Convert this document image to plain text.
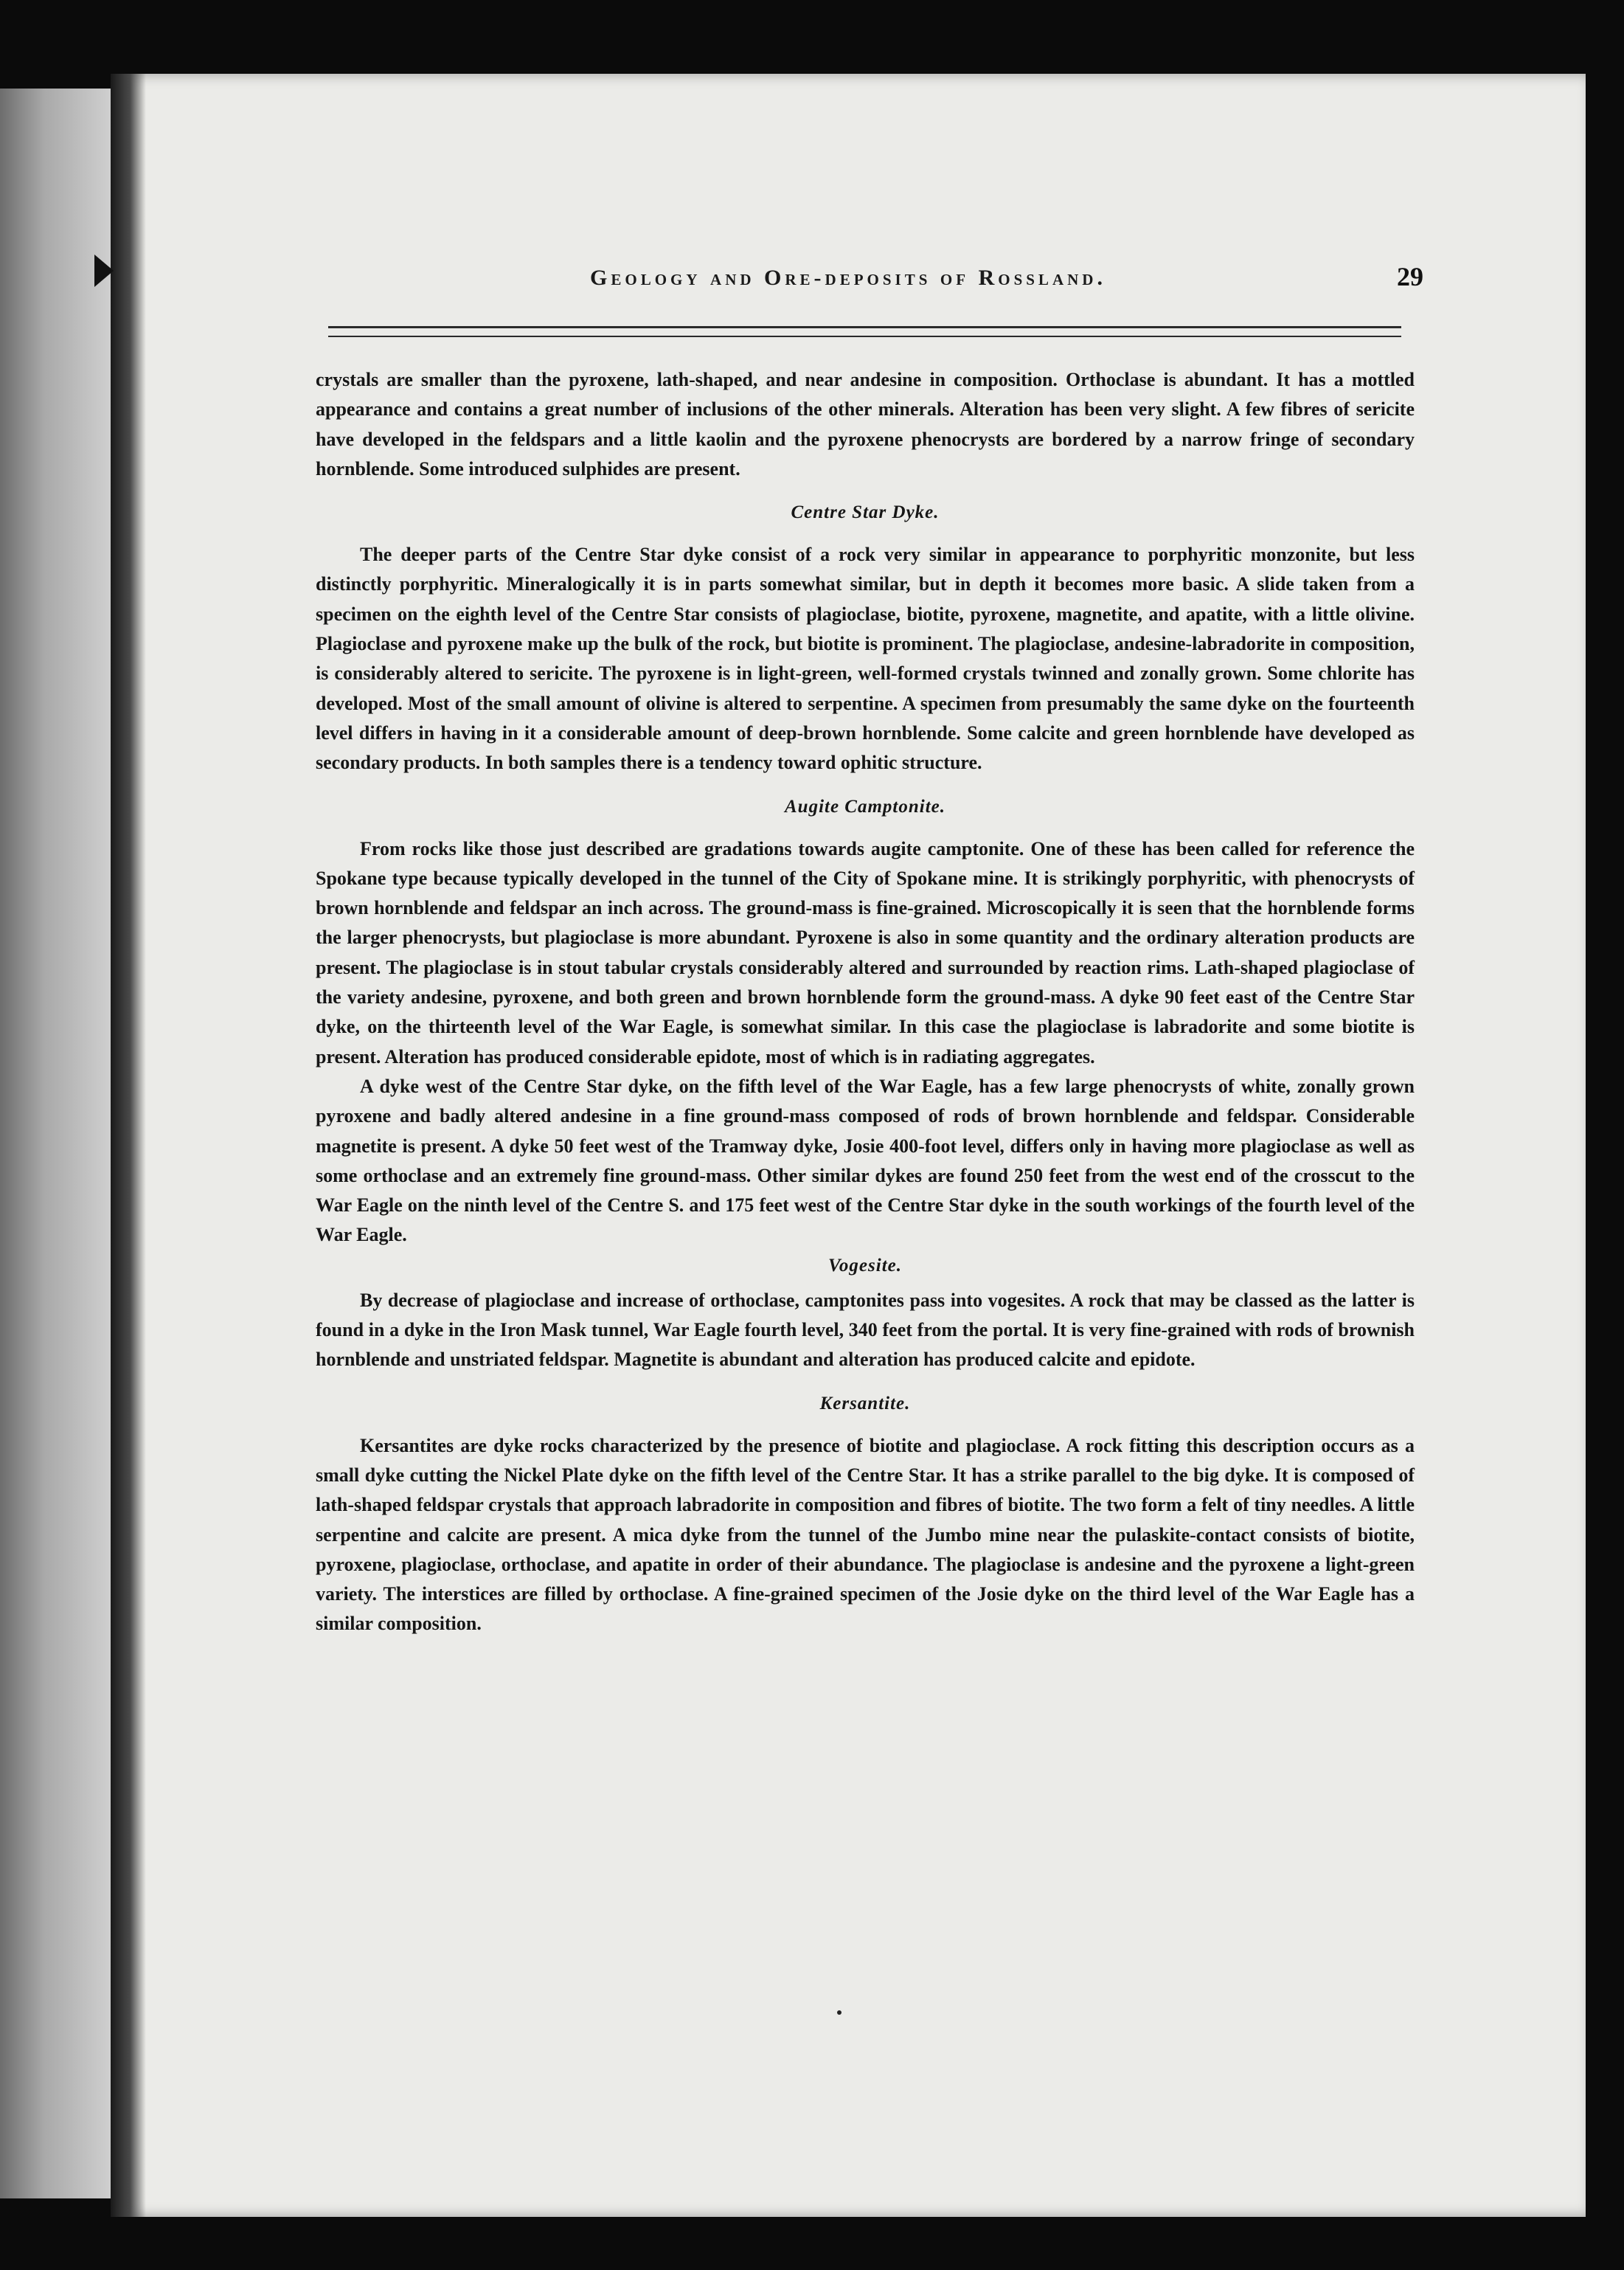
Geology and Ore-deposits of Rossland.	29

crystals are smaller than the pyroxene, lath-shaped, and near andesine in composition. Orthoclase is abundant. It has a mottled appearance and contains a great number of inclusions of the other minerals. Alteration has been very slight. A few fibres of sericite have developed in the feldspars and a little kaolin and the pyroxene phenocrysts are bordered by a narrow fringe of secondary hornblende. Some introduced sulphides are present.

Centre Star Dyke.

The deeper parts of the Centre Star dyke consist of a rock very similar in appearance to porphyritic monzonite, but less distinctly porphyritic. Mineralogically it is in parts somewhat similar, but in depth it becomes more basic. A slide taken from a specimen on the eighth level of the Centre Star consists of plagioclase, biotite, pyroxene, magnetite, and apatite, with a little olivine. Plagioclase and pyroxene make up the bulk of the rock, but biotite is prominent. The plagioclase, andesine-labradorite in composition, is considerably altered to sericite. The pyroxene is in light-green, well-formed crystals twinned and zonally grown. Some chlorite has developed. Most of the small amount of olivine is altered to serpentine. A specimen from presumably the same dyke on the fourteenth level differs in having in it a considerable amount of deep-brown hornblende. Some calcite and green hornblende have developed as secondary products. In both samples there is a tendency toward ophitic structure.

Augite Camptonite.

From rocks like those just described are gradations towards augite camptonite. One of these has been called for reference the Spokane type because typically developed in the tunnel of the City of Spokane mine. It is strikingly porphyritic, with phenocrysts of brown hornblende and feldspar an inch across. The ground-mass is fine-grained. Microscopically it is seen that the hornblende forms the larger phenocrysts, but plagioclase is more abundant. Pyroxene is also in some quantity and the ordinary alteration products are present. The plagioclase is in stout tabular crystals considerably altered and surrounded by reaction rims. Lath-shaped plagioclase of the variety andesine, pyroxene, and both green and brown hornblende form the ground-mass. A dyke 90 feet east of the Centre Star dyke, on the thirteenth level of the War Eagle, is somewhat similar. In this case the plagioclase is labradorite and some biotite is present. Alteration has produced considerable epidote, most of which is in radiating aggregates.

A dyke west of the Centre Star dyke, on the fifth level of the War Eagle, has a few large phenocrysts of white, zonally grown pyroxene and badly altered andesine in a fine ground-mass composed of rods of brown hornblende and feldspar. Considerable magnetite is present. A dyke 50 feet west of the Tramway dyke, Josie 400-foot level, differs only in having more plagioclase as well as some orthoclase and an extremely fine ground-mass. Other similar dykes are found 250 feet from the west end of the crosscut to the War Eagle on the ninth level of the Centre S. and 175 feet west of the Centre Star dyke in the south workings of the fourth level of the War Eagle.

Vogesite.

By decrease of plagioclase and increase of orthoclase, camptonites pass into vogesites. A rock that may be classed as the latter is found in a dyke in the Iron Mask tunnel, War Eagle fourth level, 340 feet from the portal. It is very fine-grained with rods of brownish hornblende and unstriated feldspar. Magnetite is abundant and alteration has produced calcite and epidote.

Kersantite.

Kersantites are dyke rocks characterized by the presence of biotite and plagioclase. A rock fitting this description occurs as a small dyke cutting the Nickel Plate dyke on the fifth level of the Centre Star. It has a strike parallel to the big dyke. It is composed of lath-shaped feldspar crystals that approach labradorite in composition and fibres of biotite. The two form a felt of tiny needles. A little serpentine and calcite are present. A mica dyke from the tunnel of the Jumbo mine near the pulaskite-contact consists of biotite, pyroxene, plagioclase, orthoclase, and apatite in order of their abundance. The plagioclase is andesine and the pyroxene a light-green variety. The interstices are filled by orthoclase. A fine-grained specimen of the Josie dyke on the third level of the War Eagle has a similar composition.
